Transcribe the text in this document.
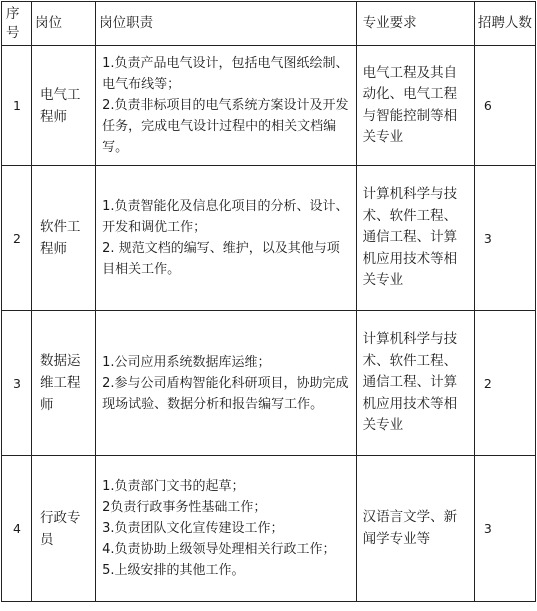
序号	岗位	岗位职责	专业要求	招聘人数
1	电气工程师	1.负责产品电气设计，包括电气图纸绘制、电气布线等；
2.负责非标项目的电气系统方案设计及开发任务，完成电气设计过程中的相关文档编写。	电气工程及其自动化、电气工程与智能控制等相关专业	6
2	软件工程师	1.负责智能化及信息化项目的分析、设计、开发和调优工作；
2. 规范文档的编写、维护，以及其他与项目相关工作。	计算机科学与技术、软件工程、通信工程、计算机应用技术等相关专业	3
3	数据运维工程师	1.公司应用系统数据库运维；
2.参与公司盾构智能化科研项目，协助完成现场试验、数据分析和报告编写工作。	计算机科学与技术、软件工程、通信工程、计算机应用技术等相关专业	2
4	行政专员	1.负责部门文书的起草；
2负责行政事务性基础工作；
3.负责团队文化宣传建设工作；
4.负责协助上级领导处理相关行政工作；
5.上级安排的其他工作。	汉语言文学、新闻学专业等	3
